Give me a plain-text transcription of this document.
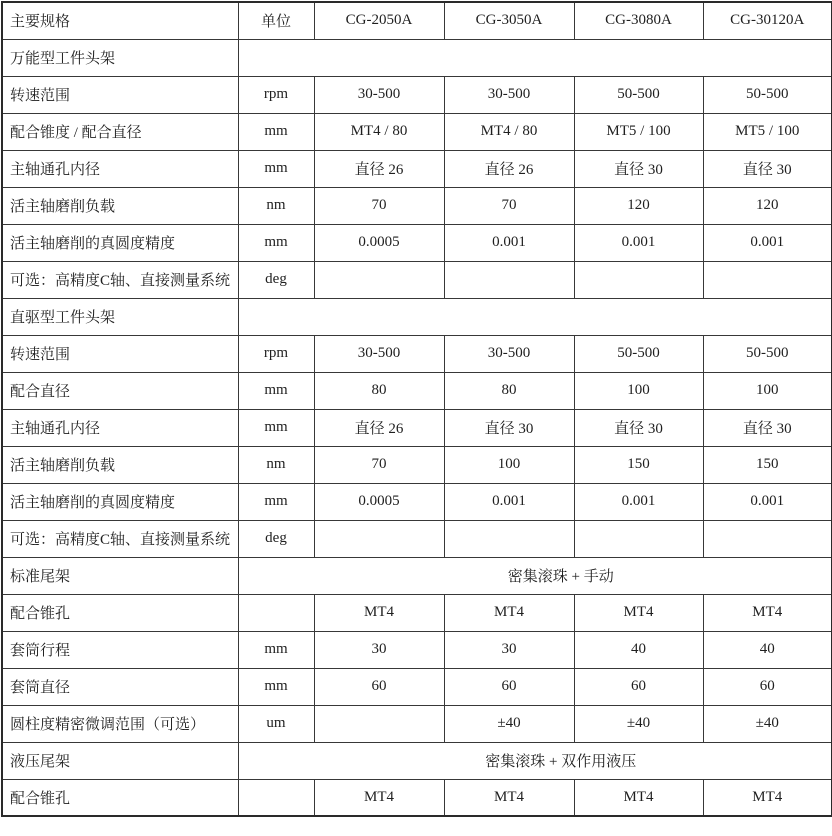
主要规格	单位	CG-2050A	CG-3050A	CG-3080A	CG-30120A
万能型工件头架					
转速范围	rpm	30-500	30-500	50-500	50-500
配合锥度 / 配合直径	mm	MT4 / 80	MT4 / 80	MT5 / 100	MT5 / 100
主轴通孔内径	mm	直径 26	直径 26	直径 30	直径 30
活主轴磨削负载	nm	70	70	120	120
活主轴磨削的真圆度精度	mm	0.0005	0.001	0.001	0.001
可选：高精度C轴、直接测量系统	deg				
直驱型工件头架					
转速范围	rpm	30-500	30-500	50-500	50-500
配合直径	mm	80	80	100	100
主轴通孔内径	mm	直径 26	直径 30	直径 30	直径 30
活主轴磨削负载	nm	70	100	150	150
活主轴磨削的真圆度精度	mm	0.0005	0.001	0.001	0.001
可选：高精度C轴、直接测量系统	deg				
标准尾架	密集滚珠 + 手动				
配合锥孔		MT4	MT4	MT4	MT4
套筒行程	mm	30	30	40	40
套筒直径	mm	60	60	60	60
圆柱度精密微调范围（可选）	um		±40	±40	±40
液压尾架	密集滚珠 + 双作用液压				
配合锥孔		MT4	MT4	MT4	MT4
